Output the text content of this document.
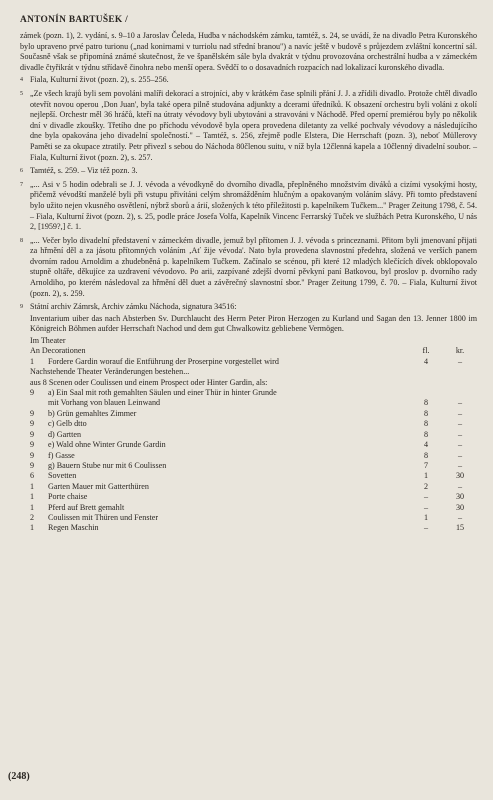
ANTONÍN BARTUŠEK /

zámek (pozn. 1), 2. vydání, s. 9–10 a Jaroslav Čeleda, Hudba v náchodském zámku, tamtéž, s. 24, se uvádí, že na divadlo Petra Kuronského bylo upraveno prvé patro turionu („nad konirnami v turriolu nad střední branou") a navíc ještě v budově s průjezdem zvláštní koncertní sál. Současně však se připomíná známé skutečnost, že ve španělském sále byla dvakrát v týdnu provozována orchestrální hudba a v zámeckém divadle čtyřikrát v týdnu střídavě činohra nebo menší opera. Svědčí to o dosavadních rozpacích nad lokalizací kuronského divadla.

4 Fiala, Kulturní život (pozn. 2), s. 255–256.

5 „Ze všech krajů byli sem povoláni malíři dekorací a strojníci, aby v krátkém čase splnili přání J. J. a zřídili divadlo. Protože chtěl divadlo otevřít novou operou ‚Don Juan', byla také opera pilně studována adjunkty a dcerami úředníků. K obsazení orchestru byli voláni z okolí nejlepší. Orchestr měl 36 hráčů, kteří na útraty vévodovy byli ubytováni a stravováni v Náchodě. Před operní premiérou byly po několik dní v divadle zkoušky. Třetího dne po příchodu vévodově byla opera provedena diletanty za velké pochvaly vévodovy a následujícího dne byla opakována jeho divadelní společností." – Tamtéž, s. 256, zřejmě podle Elstera, Die Herrschaft (pozn. 3), neboť Müllerovy Paměti se za okupace ztratily. Petr přivezl s sebou do Náchoda 80členou suitu, v níž byla 12členná kapela a 10členný divadelní soubor. – Fiala, Kulturní život (pozn. 2), s. 257.

6 Tamtéž, s. 259. – Viz též pozn. 3.

7 „... Asi v 5 hodin odebrali se J. J. vévoda a vévodkyně do dvorního divadla, přeplněného množstvím diváků a cizími vysokými hosty, přičemž vévodští manželé byli při vstupu přivítáni celým shromážděním hlučným a opakovaným voláním slávy. Při tomto představení bylo užito nejen vkusného osvětlení, nýbrž sborů a árií, složených k této příležitosti p. kapelníkem Tučkem..." Prager Zeitung 1798, č. 54. – Fiala, Kulturní život (pozn. 2), s. 25, podle práce Josefa Volfa, Kapelník Vincenc Ferrarský Tuček ve službách Petra Kuronského, U nás 2, [1959?,] č. 1.

8 „... Večer bylo divadelní představení v zámeckém divadle, jemuž byl přítomen J. J. vévoda s princeznami. Přitom byli jmenovaní přijati za hřmění děl a za jásotu přítomných voláním ‚Ať žije vévoda'. Nato byla provedena slavnostní předehra, složená ve verších panem dvorním radou Arnoldim a zhudebněná p. kapelníkem Tučkem. Začínalo se scénou, při které 12 mladých klečících dívek obklopovalo stupně oltáře, děkujíce za uzdravení vévodovo. Po arii, zazpívané zdejší dvorní pěvkyní paní Batkovou, byl proslov p. dvorního rady Arnoldiho, po kterém následoval za hřmění děl duet a závěrečný slavnostní sbor." Prager Zeitung 1799, č. 70. – Fiala, Kulturní život (pozn. 2), s. 259.

9 Státní archiv Zámrsk, Archiv zámku Náchoda, signatura 34516:

Inventarium uiber das nach Absterben Sv. Durchlaucht des Herrn Peter Piron Herzogen zu Kurland und Sagan den 13. Jenner 1800 im Königreich Böhmen aufder Herrschaft Nachod und dem gut Chwalkowitz gebliebene Vermögen.

Im Theater
An Decorationen	fl.	kr.
1	Fordere Gardin worauf die Entführung der Proserpine vorgestellet wird	4	–
Nachstehende Theater Veränderungen bestehen...
aus 8 Scenen oder Coulissen und einem Prospect oder Hinter Gardin, als:
9	a) Ein Saal mit roth gemahlten Säulen und einer Thür in hinter Grunde
mit Vorhang von blauen Leinwand	8	–
9	b) Grün gemahltes Zimmer	8	–
9	c) Gelb dtto	8	–
9	d) Gartten	8	–
9	e) Wald ohne Winter Grunde Gardin	4	–
9	f) Gasse	8	–
9	g) Bauern Stube nur mit 6 Coulissen	7	–
6	Sovetten	1	30
1	Garten Mauer mit Gatterthüren	2	–
1	Porte chaise	–	30
1	Pferd auf Brett gemahlt	–	30
2	Coulissen mit Thüren und Fenster	1	–
1	Regen Maschin	–	15
(248)
